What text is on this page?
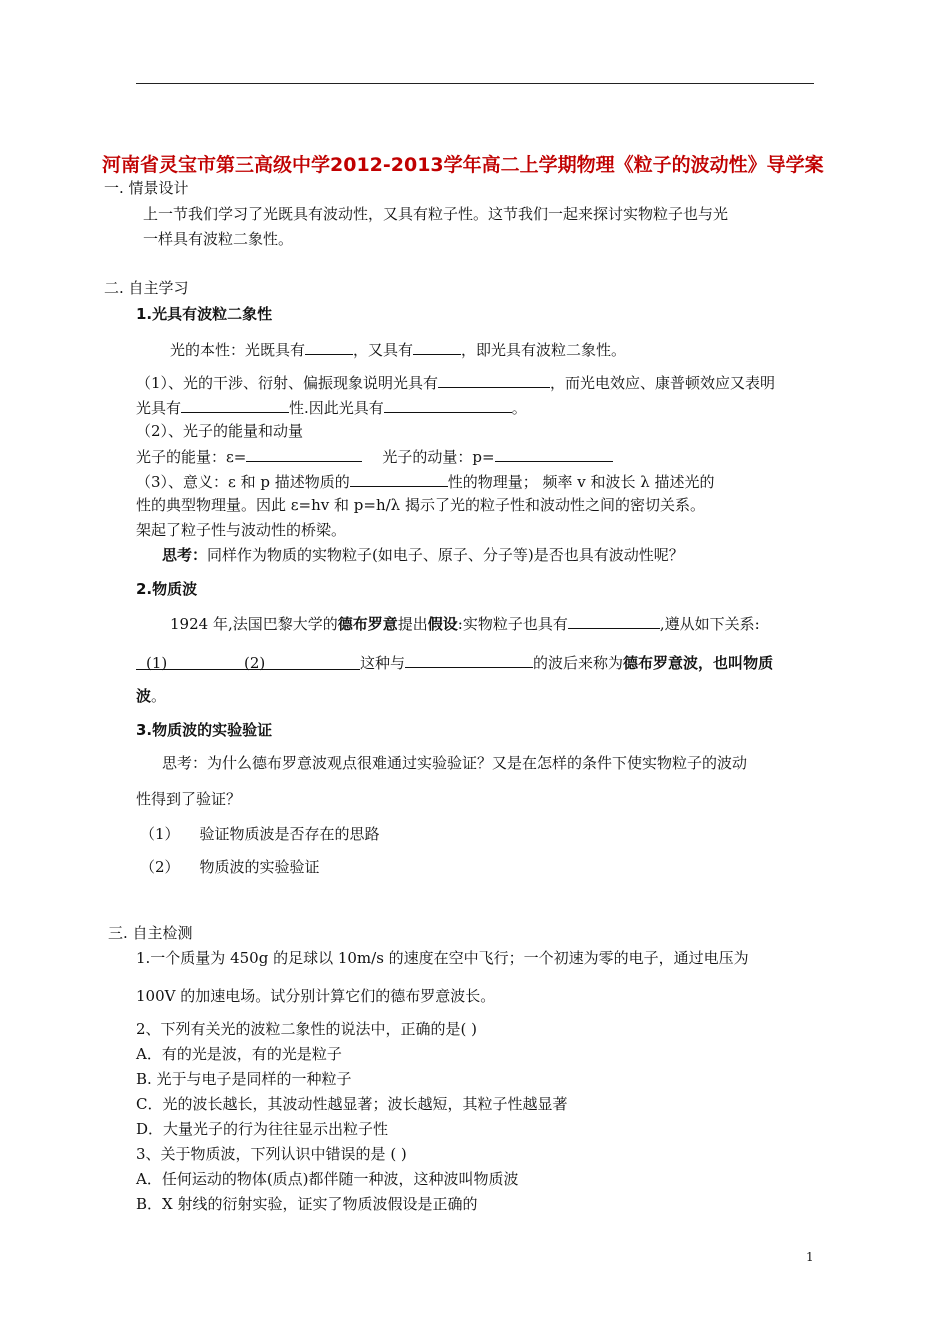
河南省灵宝市第三高级中学2012-2013学年高二上学期物理《粒子的波动性》导学案
一. 情景设计
上一节我们学习了光既具有波动性，又具有粒子性。这节我们一起来探讨实物粒子也与光
一样具有波粒二象性。
二. 自主学习
1.光具有波粒二象性
光的本性：光既具有	，又具有	，即光具有波粒二象性。
（1）、光的干涉、衍射、偏振现象说明光具有	，而光电效应、康普顿效应又表明
光具有	性.因此光具有	。
（2）、光子的能量和动量
光子的能量：ε=	光子的动量：p=
（3）、意义：ε 和 p 描述物质的	性的物理量； 频率 v 和波长 λ 描述光的
性的典型物理量。因此 ε=hv 和 p=h/λ 揭示了光的粒子性和波动性之间的密切关系。
架起了粒子性与波动性的桥梁。
思考：同样作为物质的实物粒子(如电子、原子、分子等)是否也具有波动性呢？
2.物质波
1924 年,法国巴黎大学的德布罗意提出假设:实物粒子也具有	,遵从如下关系:
(1)	(2)	这种与	的波后来称为德布罗意波，也叫物质
波。
3.物质波的实验验证
思考：为什么德布罗意波观点很难通过实验验证？又是在怎样的条件下使实物粒子的波动
性得到了验证？
（1） 验证物质波是否存在的思路
（2） 物质波的实验验证
三. 自主检测
1.一个质量为 450g 的足球以 10m/s 的速度在空中飞行；一个初速为零的电子，通过电压为
100V 的加速电场。试分别计算它们的德布罗意波长。
2、下列有关光的波粒二象性的说法中，正确的是( )
A．有的光是波，有的光是粒子
B. 光于与电子是同样的一种粒子
C．光的波长越长，其波动性越显著；波长越短，其粒子性越显著
D．大量光子的行为往往显示出粒子性
3、关于物质波，下列认识中错误的是 ( )
A．任何运动的物体(质点)都伴随一种波，这种波叫物质波
B．X 射线的衍射实验，证实了物质波假设是正确的
1
